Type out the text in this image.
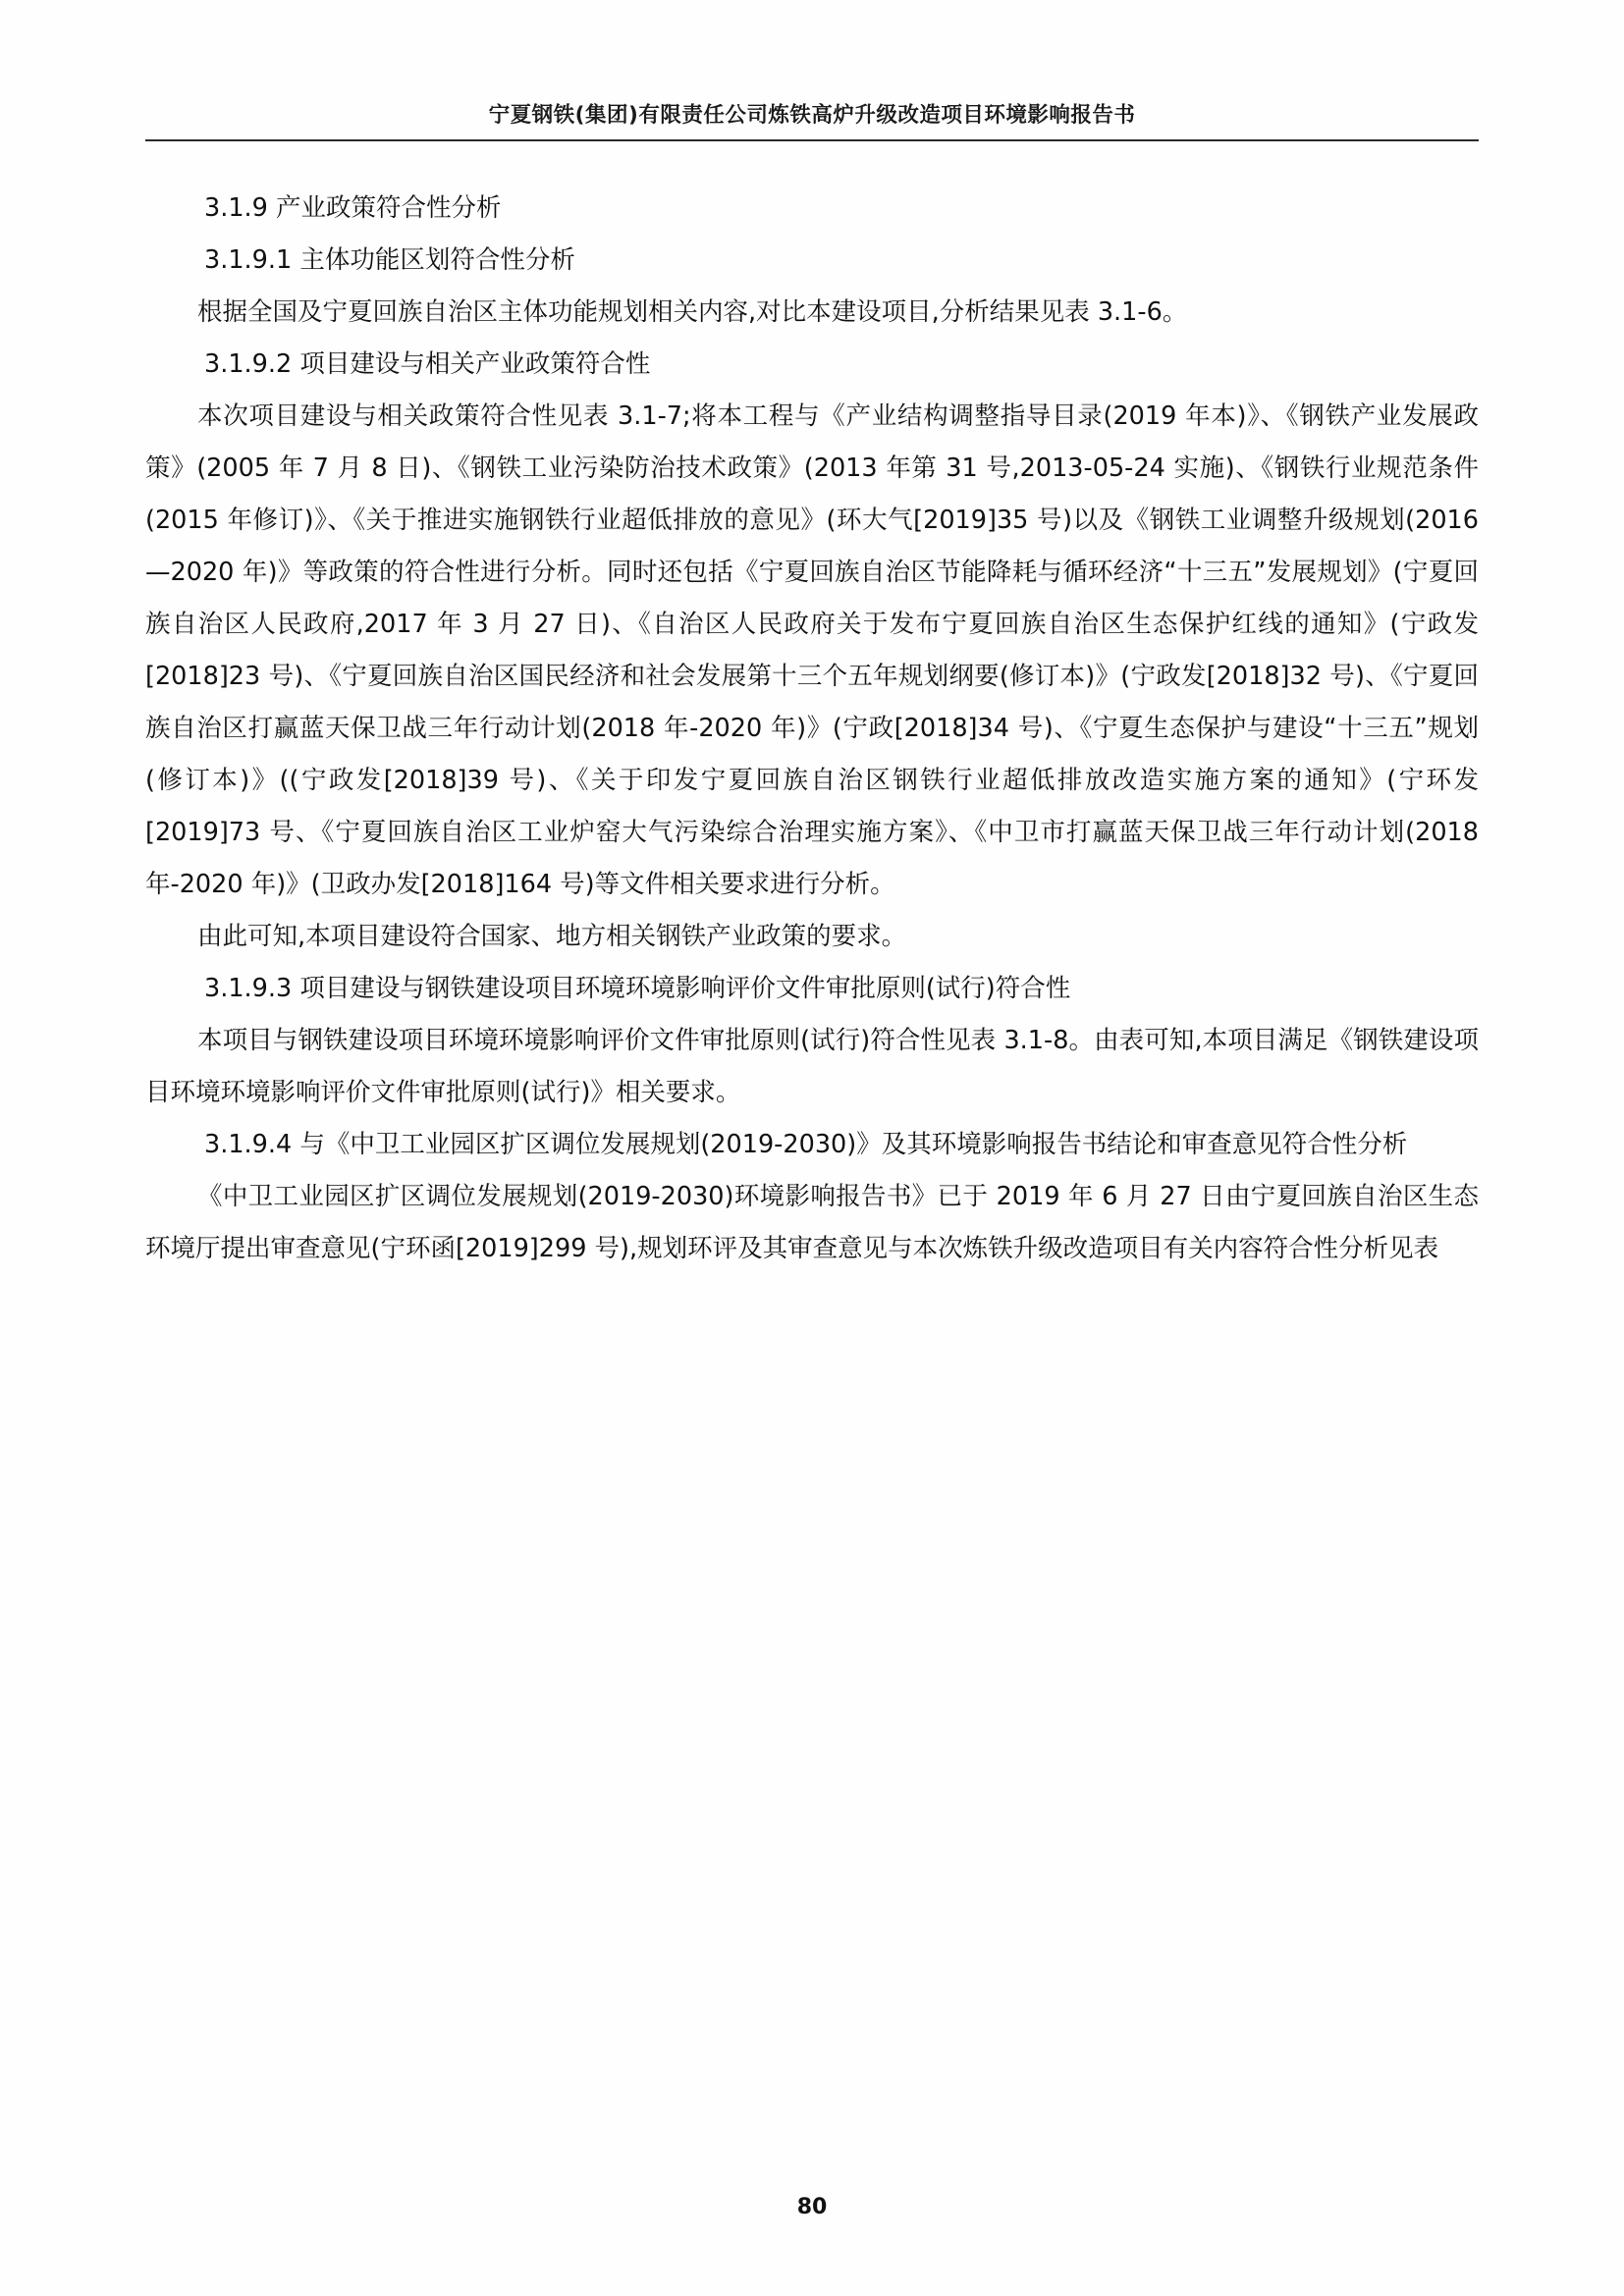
宁夏钢铁(集团)有限责任公司炼铁高炉升级改造项目环境影响报告书

3.1.9 产业政策符合性分析

3.1.9.1 主体功能区划符合性分析

根据全国及宁夏回族自治区主体功能规划相关内容,对比本建设项目,分析结果见表 3.1-6。

3.1.9.2 项目建设与相关产业政策符合性

本次项目建设与相关政策符合性见表 3.1-7;将本工程与《产业结构调整指导目录(2019 年本)》、《钢铁产业发展政策》(2005 年 7 月 8 日)、《钢铁工业污染防治技术政策》(2013 年第 31 号,2013-05-24 实施)、《钢铁行业规范条件(2015 年修订)》、《关于推进实施钢铁行业超低排放的意见》(环大气[2019]35 号)以及《钢铁工业调整升级规划(2016—2020 年)》等政策的符合性进行分析。同时还包括《宁夏回族自治区节能降耗与循环经济“十三五”发展规划》(宁夏回族自治区人民政府,2017 年 3 月 27 日)、《自治区人民政府关于发布宁夏回族自治区生态保护红线的通知》(宁政发[2018]23 号)、《宁夏回族自治区国民经济和社会发展第十三个五年规划纲要(修订本)》(宁政发[2018]32 号)、《宁夏回族自治区打赢蓝天保卫战三年行动计划(2018 年-2020 年)》(宁政[2018]34 号)、《宁夏生态保护与建设“十三五”规划(修订本)》((宁政发[2018]39 号)、《关于印发宁夏回族自治区钢铁行业超低排放改造实施方案的通知》(宁环发[2019]73 号、《宁夏回族自治区工业炉窑大气污染综合治理实施方案》、《中卫市打赢蓝天保卫战三年行动计划(2018 年-2020 年)》(卫政办发[2018]164 号)等文件相关要求进行分析。

由此可知,本项目建设符合国家、地方相关钢铁产业政策的要求。

3.1.9.3 项目建设与钢铁建设项目环境环境影响评价文件审批原则(试行)符合性

本项目与钢铁建设项目环境环境影响评价文件审批原则(试行)符合性见表 3.1-8。由表可知,本项目满足《钢铁建设项目环境环境影响评价文件审批原则(试行)》相关要求。

3.1.9.4 与《中卫工业园区扩区调位发展规划(2019-2030)》及其环境影响报告书结论和审查意见符合性分析

《中卫工业园区扩区调位发展规划(2019-2030)环境影响报告书》已于 2019 年 6 月 27 日由宁夏回族自治区生态环境厅提出审查意见(宁环函[2019]299 号),规划环评及其审查意见与本次炼铁升级改造项目有关内容符合性分析见表

80
